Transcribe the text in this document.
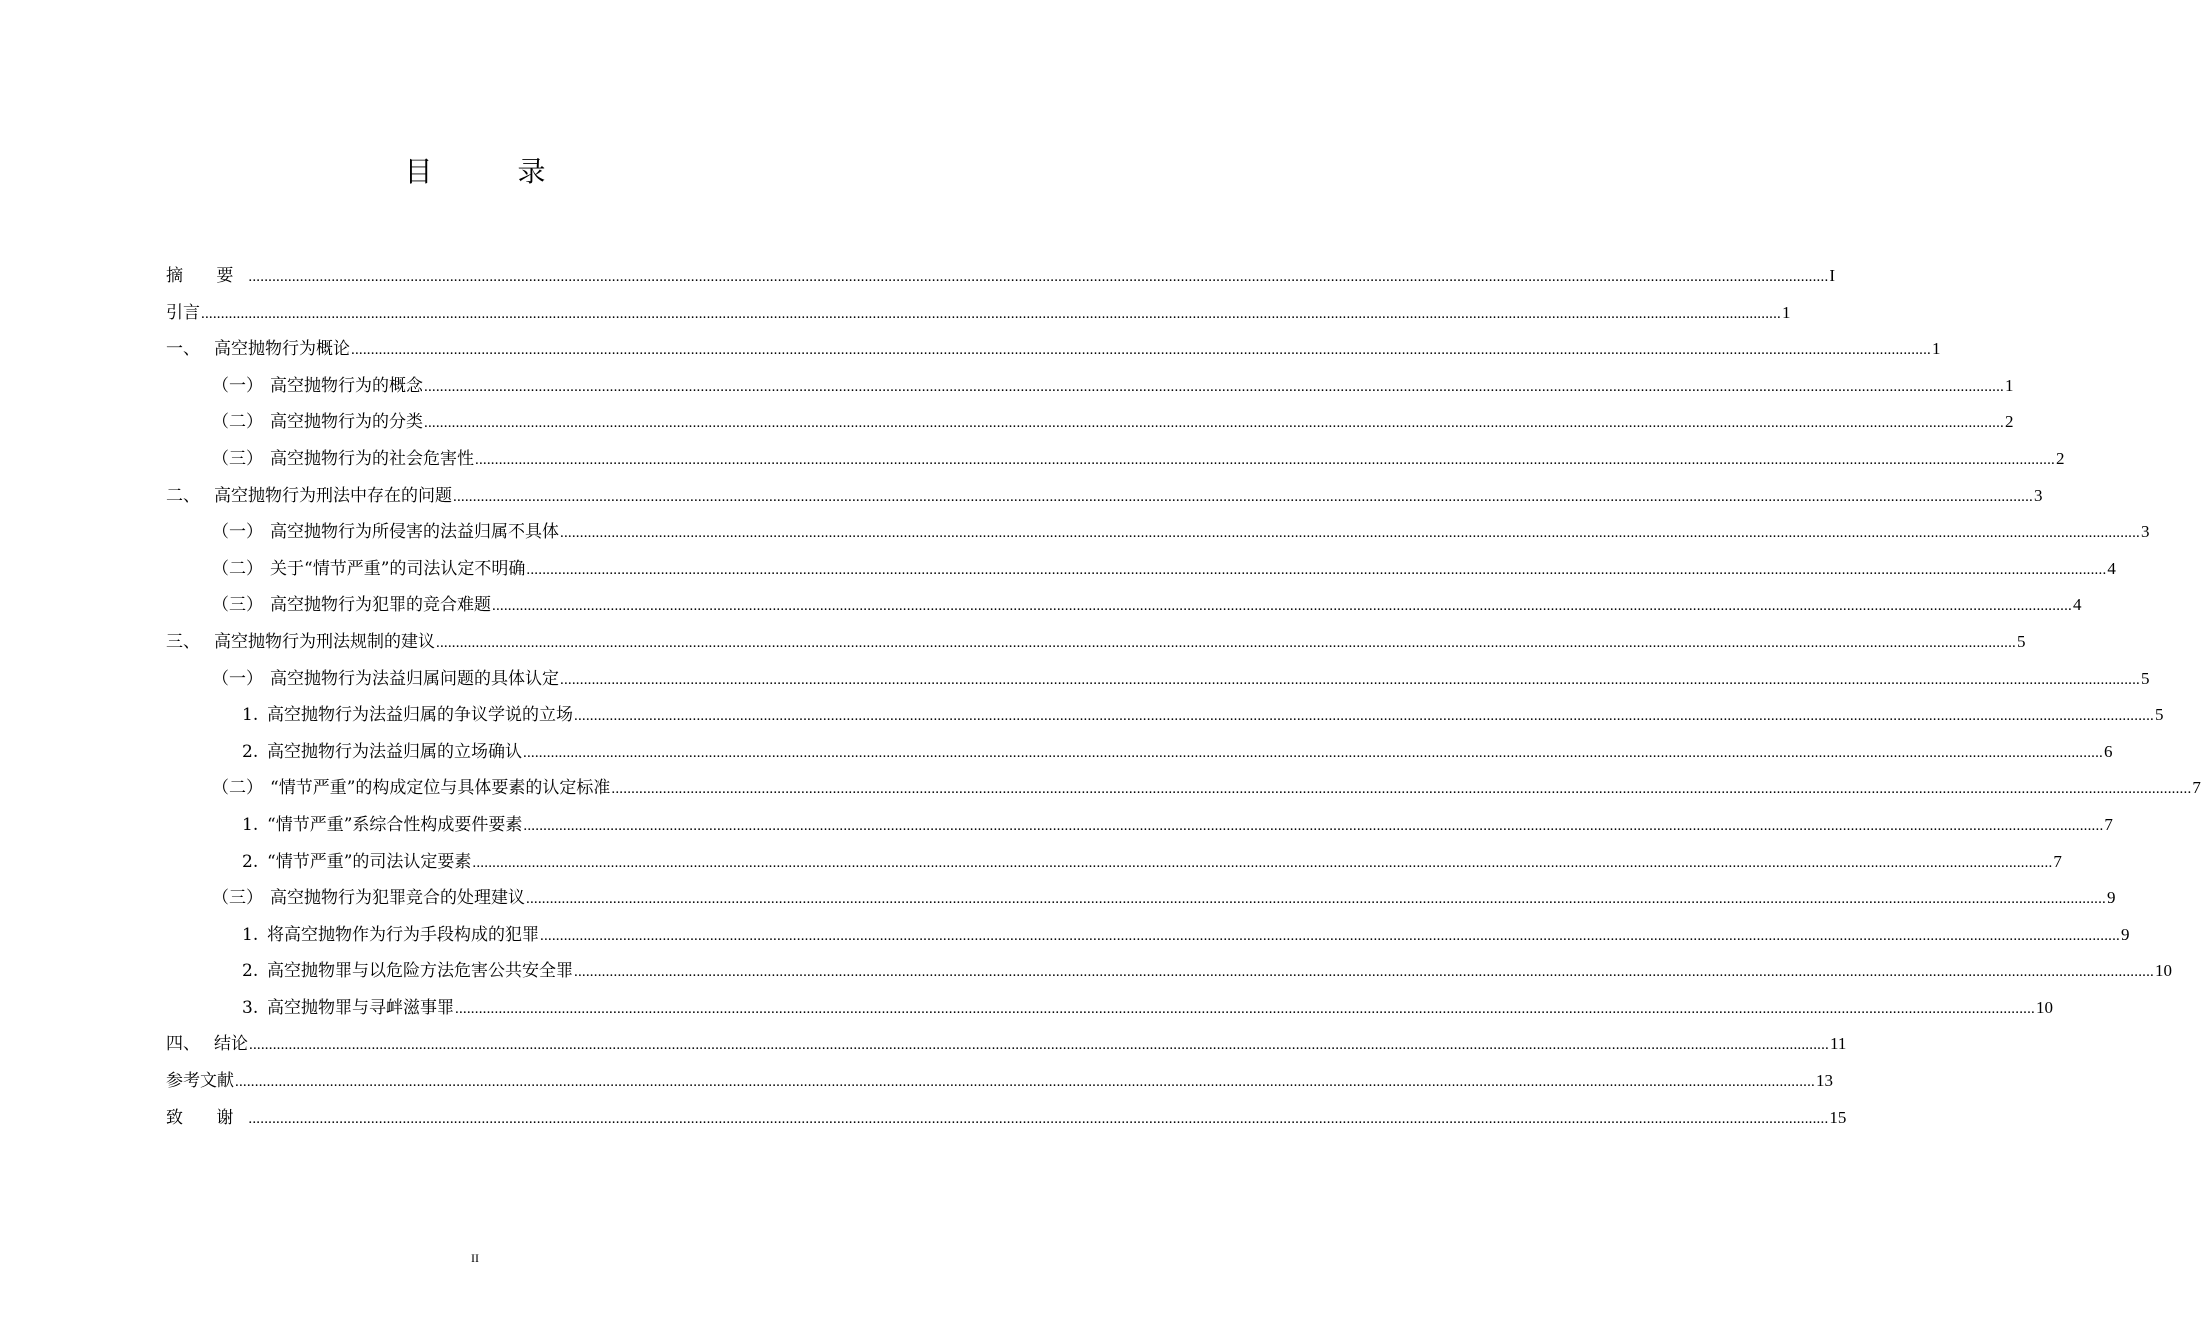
目 录
摘 要 ................................................................................................................................................................................................................................................................................................................................................................................................................ I
引言 ................................................................................................................................................................................................................................................................................................................................................................................................................ 1
一、 高空抛物行为概论 ................................................................................................................................................................................................................................................................................................................................................................................................................ 1
（一） 高空抛物行为的概念 ................................................................................................................................................................................................................................................................................................................................................................................................................ 1
（二） 高空抛物行为的分类 ................................................................................................................................................................................................................................................................................................................................................................................................................ 2
（三） 高空抛物行为的社会危害性 ................................................................................................................................................................................................................................................................................................................................................................................................................ 2
二、 高空抛物行为刑法中存在的问题 ................................................................................................................................................................................................................................................................................................................................................................................................................ 3
（一） 高空抛物行为所侵害的法益归属不具体 ................................................................................................................................................................................................................................................................................................................................................................................................................ 3
（二） 关于“情节严重”的司法认定不明确 ................................................................................................................................................................................................................................................................................................................................................................................................................ 4
（三） 高空抛物行为犯罪的竞合难题 ................................................................................................................................................................................................................................................................................................................................................................................................................ 4
三、 高空抛物行为刑法规制的建议 ................................................................................................................................................................................................................................................................................................................................................................................................................ 5
（一） 高空抛物行为法益归属问题的具体认定 ................................................................................................................................................................................................................................................................................................................................................................................................................ 5
1. 高空抛物行为法益归属的争议学说的立场 ................................................................................................................................................................................................................................................................................................................................................................................................................ 5
2. 高空抛物行为法益归属的立场确认 ................................................................................................................................................................................................................................................................................................................................................................................................................ 6
（二） “情节严重”的构成定位与具体要素的认定标准 ................................................................................................................................................................................................................................................................................................................................................................................................................ 7
1. “情节严重”系综合性构成要件要素 ................................................................................................................................................................................................................................................................................................................................................................................................................ 7
2. “情节严重”的司法认定要素 ................................................................................................................................................................................................................................................................................................................................................................................................................ 7
（三） 高空抛物行为犯罪竞合的处理建议 ................................................................................................................................................................................................................................................................................................................................................................................................................ 9
1. 将高空抛物作为行为手段构成的犯罪 ................................................................................................................................................................................................................................................................................................................................................................................................................ 9
2. 高空抛物罪与以危险方法危害公共安全罪 ................................................................................................................................................................................................................................................................................................................................................................................................................ 10
3. 高空抛物罪与寻衅滋事罪 ................................................................................................................................................................................................................................................................................................................................................................................................................ 10
四、 结论 ................................................................................................................................................................................................................................................................................................................................................................................................................ 11
参考文献 ................................................................................................................................................................................................................................................................................................................................................................................................................ 13
致 谢 ................................................................................................................................................................................................................................................................................................................................................................................................................ 15
II
